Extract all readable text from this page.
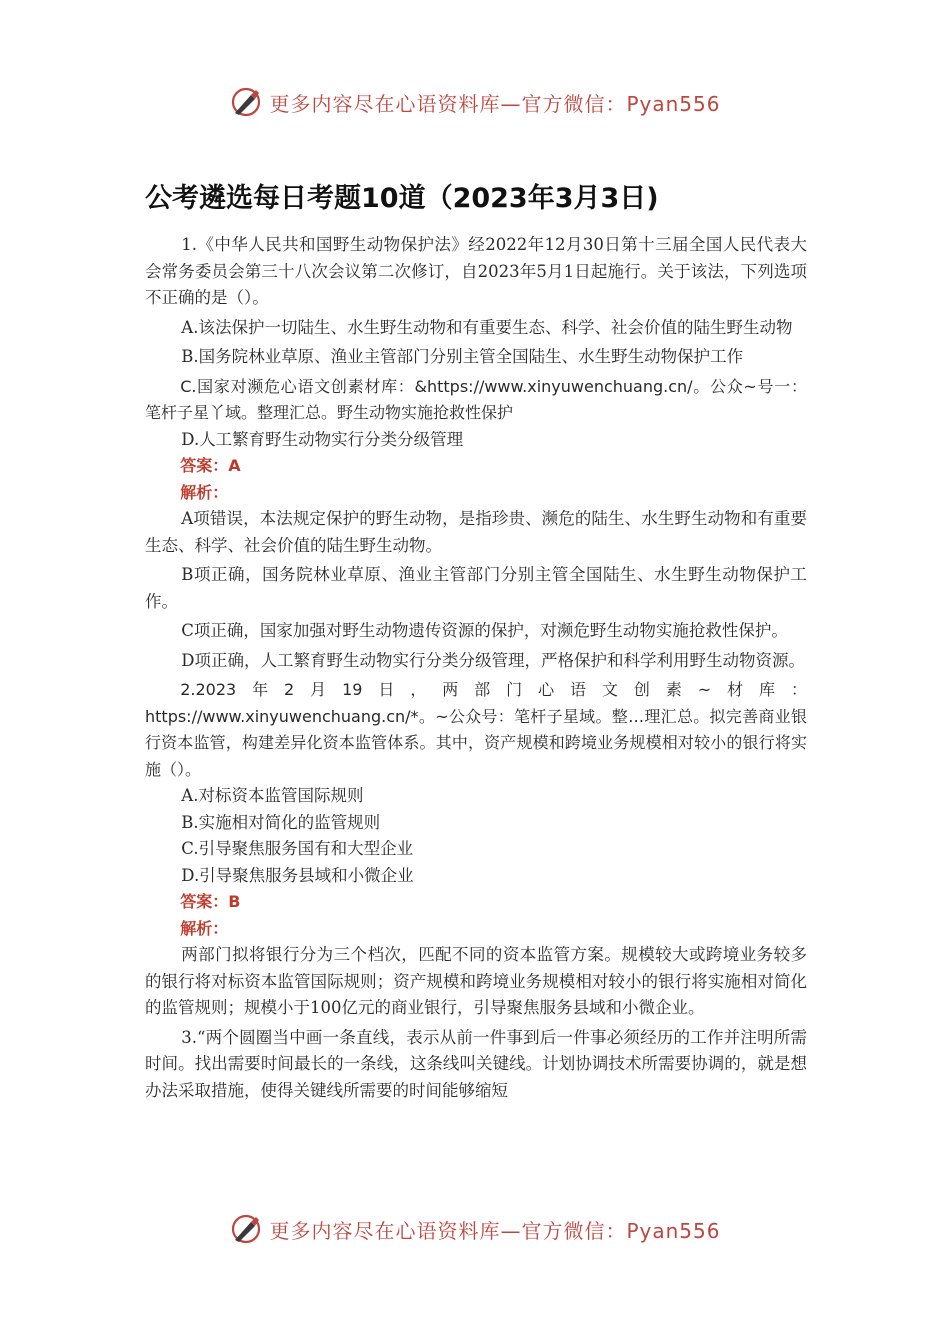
更多内容尽在心语资料库—官方微信：Pyan556
公考遴选每日考题10道（2023年3月3日)

1.《中华人民共和国野生动物保护法》经2022年12月30日第十三届全国人民代表大会常务委员会第三十八次会议第二次修订，自2023年5月1日起施行。关于该法，下列选项不正确的是（）。

A.该法保护一切陆生、水生野生动物和有重要生态、科学、社会价值的陆生野生动物

B.国务院林业草原、渔业主管部门分别主管全国陆生、水生野生动物保护工作

C.国家对濒危心语文创素材库：&https://www.xinyuwenchuang.cn/。公众~号一：笔杆子星丫域。整理汇总。野生动物实施抢救性保护

D.人工繁育野生动物实行分类分级管理

答案：A

解析：

A项错误，本法规定保护的野生动物，是指珍贵、濒危的陆生、水生野生动物和有重要生态、科学、社会价值的陆生野生动物。

B项正确，国务院林业草原、渔业主管部门分别主管全国陆生、水生野生动物保护工作。

C项正确，国家加强对野生动物遗传资源的保护，对濒危野生动物实施抢救性保护。

D项正确，人工繁育野生动物实行分类分级管理，严格保护和科学利用野生动物资源。

2.2023年2月19日，两部门心语文创素~材库：https://www.xinyuwenchuang.cn/*。~公众号：笔杆子星域。整…理汇总。拟完善商业银行资本监管，构建差异化资本监管体系。其中，资产规模和跨境业务规模相对较小的银行将实施（）。

A.对标资本监管国际规则

B.实施相对简化的监管规则

C.引导聚焦服务国有和大型企业

D.引导聚焦服务县域和小微企业

答案：B

解析：

两部门拟将银行分为三个档次，匹配不同的资本监管方案。规模较大或跨境业务较多的银行将对标资本监管国际规则；资产规模和跨境业务规模相对较小的银行将实施相对简化的监管规则；规模小于100亿元的商业银行，引导聚焦服务县域和小微企业。

3.“两个圆圈当中画一条直线，表示从前一件事到后一件事必须经历的工作并注明所需时间。找出需要时间最长的一条线，这条线叫关键线。计划协调技术所需要协调的，就是想办法采取措施，使得关键线所需要的时间能够缩短

更多内容尽在心语资料库—官方微信：Pyan556
